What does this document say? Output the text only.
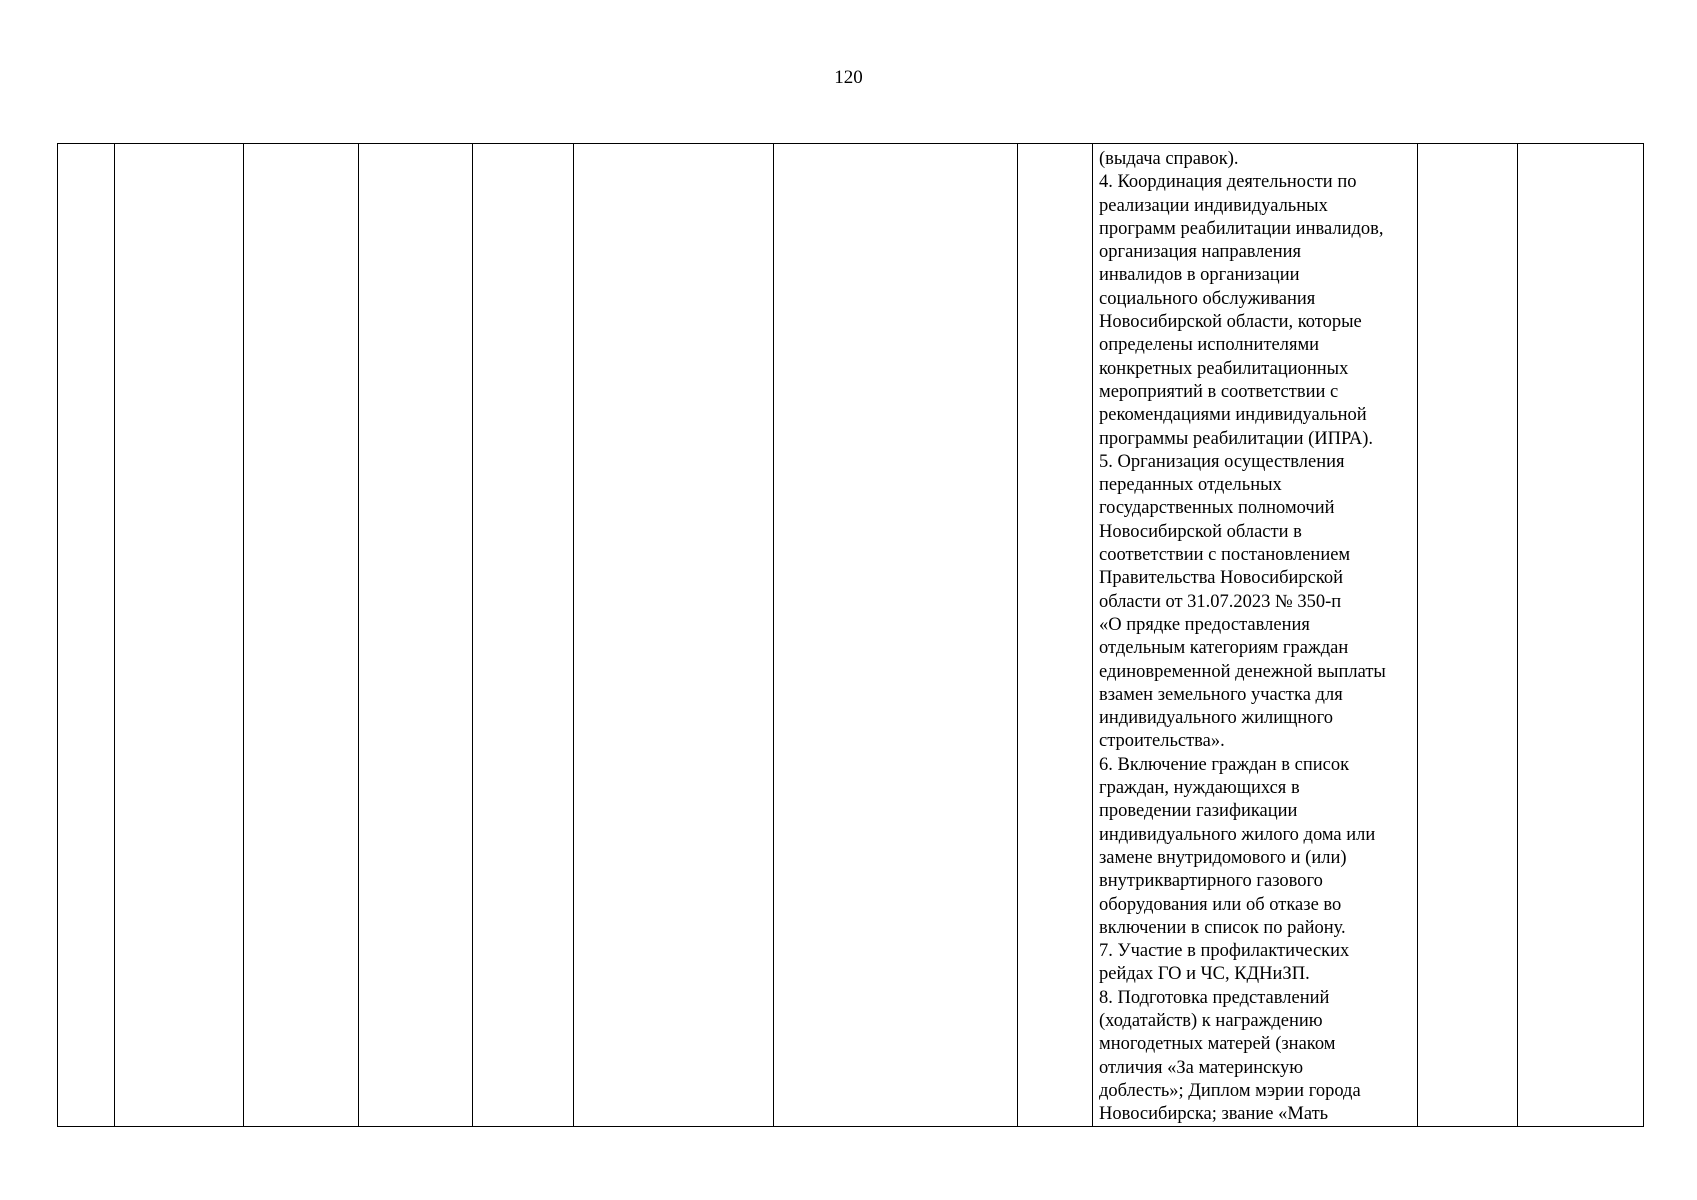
120

(выдача справок).
4. Координация деятельности по
реализации индивидуальных
программ реабилитации инвалидов,
организация направления
инвалидов в организации
социального обслуживания
Новосибирской области, которые
определены исполнителями
конкретных реабилитационных
мероприятий в соответствии с
рекомендациями индивидуальной
программы реабилитации (ИПРА).
5. Организация осуществления
переданных отдельных
государственных полномочий
Новосибирской области в
соответствии с постановлением
Правительства Новосибирской
области от 31.07.2023 № 350-п
«О прядке предоставления
отдельным категориям граждан
единовременной денежной выплаты
взамен земельного участка для
индивидуального жилищного
строительства».
6. Включение граждан в список
граждан, нуждающихся в
проведении газификации
индивидуального жилого дома или
замене внутридомового и (или)
внутриквартирного газового
оборудования или об отказе во
включении в список по району.
7. Участие в профилактических
рейдах ГО и ЧС, КДНиЗП.
8. Подготовка представлений
(ходатайств) к награждению
многодетных матерей (знаком
отличия «За материнскую
доблесть»; Диплом мэрии города
Новосибирска; звание «Мать
